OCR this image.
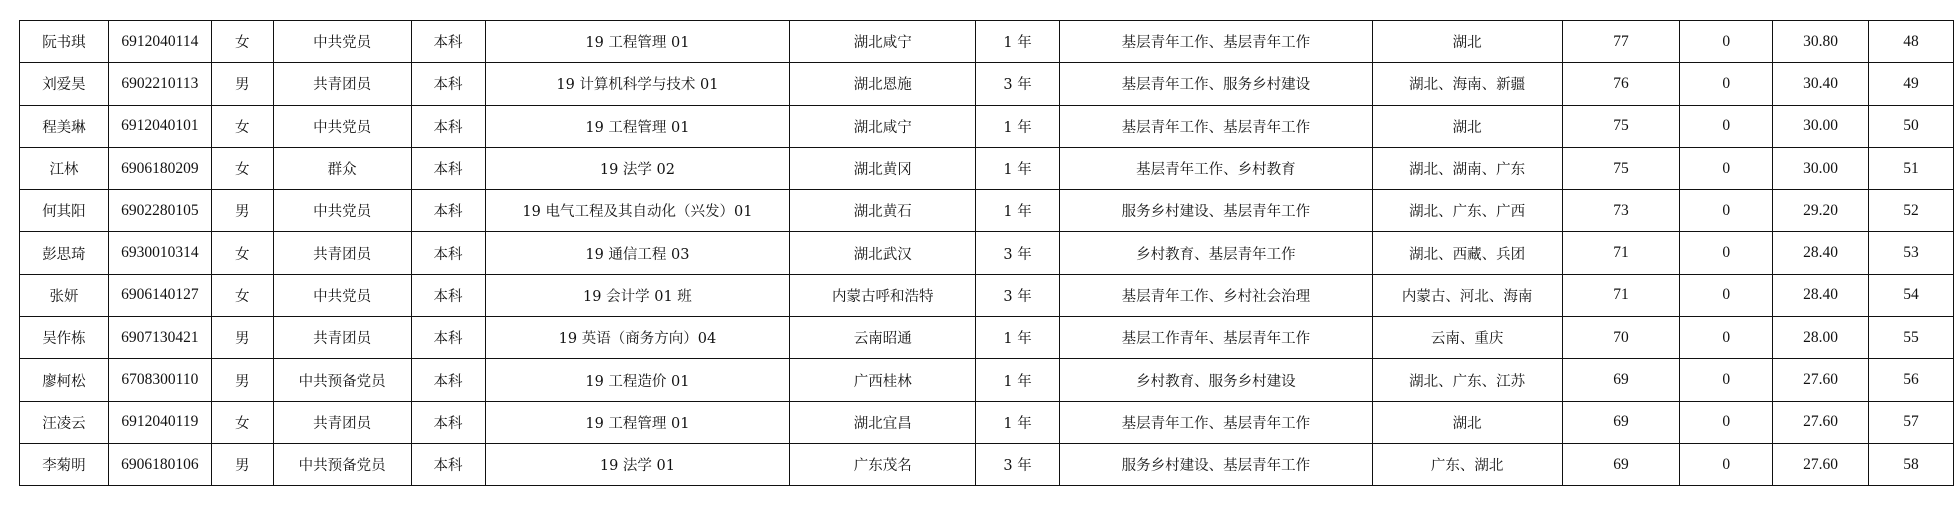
阮书琪	6912040114	女	中共党员	本科	19 工程管理 01	湖北咸宁	1 年	基层青年工作、基层青年工作	湖北	77	0	30.80	48
刘爱昊	6902210113	男	共青团员	本科	19 计算机科学与技术 01	湖北恩施	3 年	基层青年工作、服务乡村建设	湖北、海南、新疆	76	0	30.40	49
程美琳	6912040101	女	中共党员	本科	19 工程管理 01	湖北咸宁	1 年	基层青年工作、基层青年工作	湖北	75	0	30.00	50
江林	6906180209	女	群众	本科	19 法学 02	湖北黄冈	1 年	基层青年工作、乡村教育	湖北、湖南、广东	75	0	30.00	51
何其阳	6902280105	男	中共党员	本科	19 电气工程及其自动化（兴发）01	湖北黄石	1 年	服务乡村建设、基层青年工作	湖北、广东、广西	73	0	29.20	52
彭思琦	6930010314	女	共青团员	本科	19 通信工程 03	湖北武汉	3 年	乡村教育、基层青年工作	湖北、西藏、兵团	71	0	28.40	53
张妍	6906140127	女	中共党员	本科	19 会计学 01 班	内蒙古呼和浩特	3 年	基层青年工作、乡村社会治理	内蒙古、河北、海南	71	0	28.40	54
吴作栋	6907130421	男	共青团员	本科	19 英语（商务方向）04	云南昭通	1 年	基层工作青年、基层青年工作	云南、重庆	70	0	28.00	55
廖柯松	6708300110	男	中共预备党员	本科	19 工程造价 01	广西桂林	1 年	乡村教育、服务乡村建设	湖北、广东、江苏	69	0	27.60	56
汪凌云	6912040119	女	共青团员	本科	19 工程管理 01	湖北宜昌	1 年	基层青年工作、基层青年工作	湖北	69	0	27.60	57
李菊明	6906180106	男	中共预备党员	本科	19 法学 01	广东茂名	3 年	服务乡村建设、基层青年工作	广东、湖北	69	0	27.60	58
